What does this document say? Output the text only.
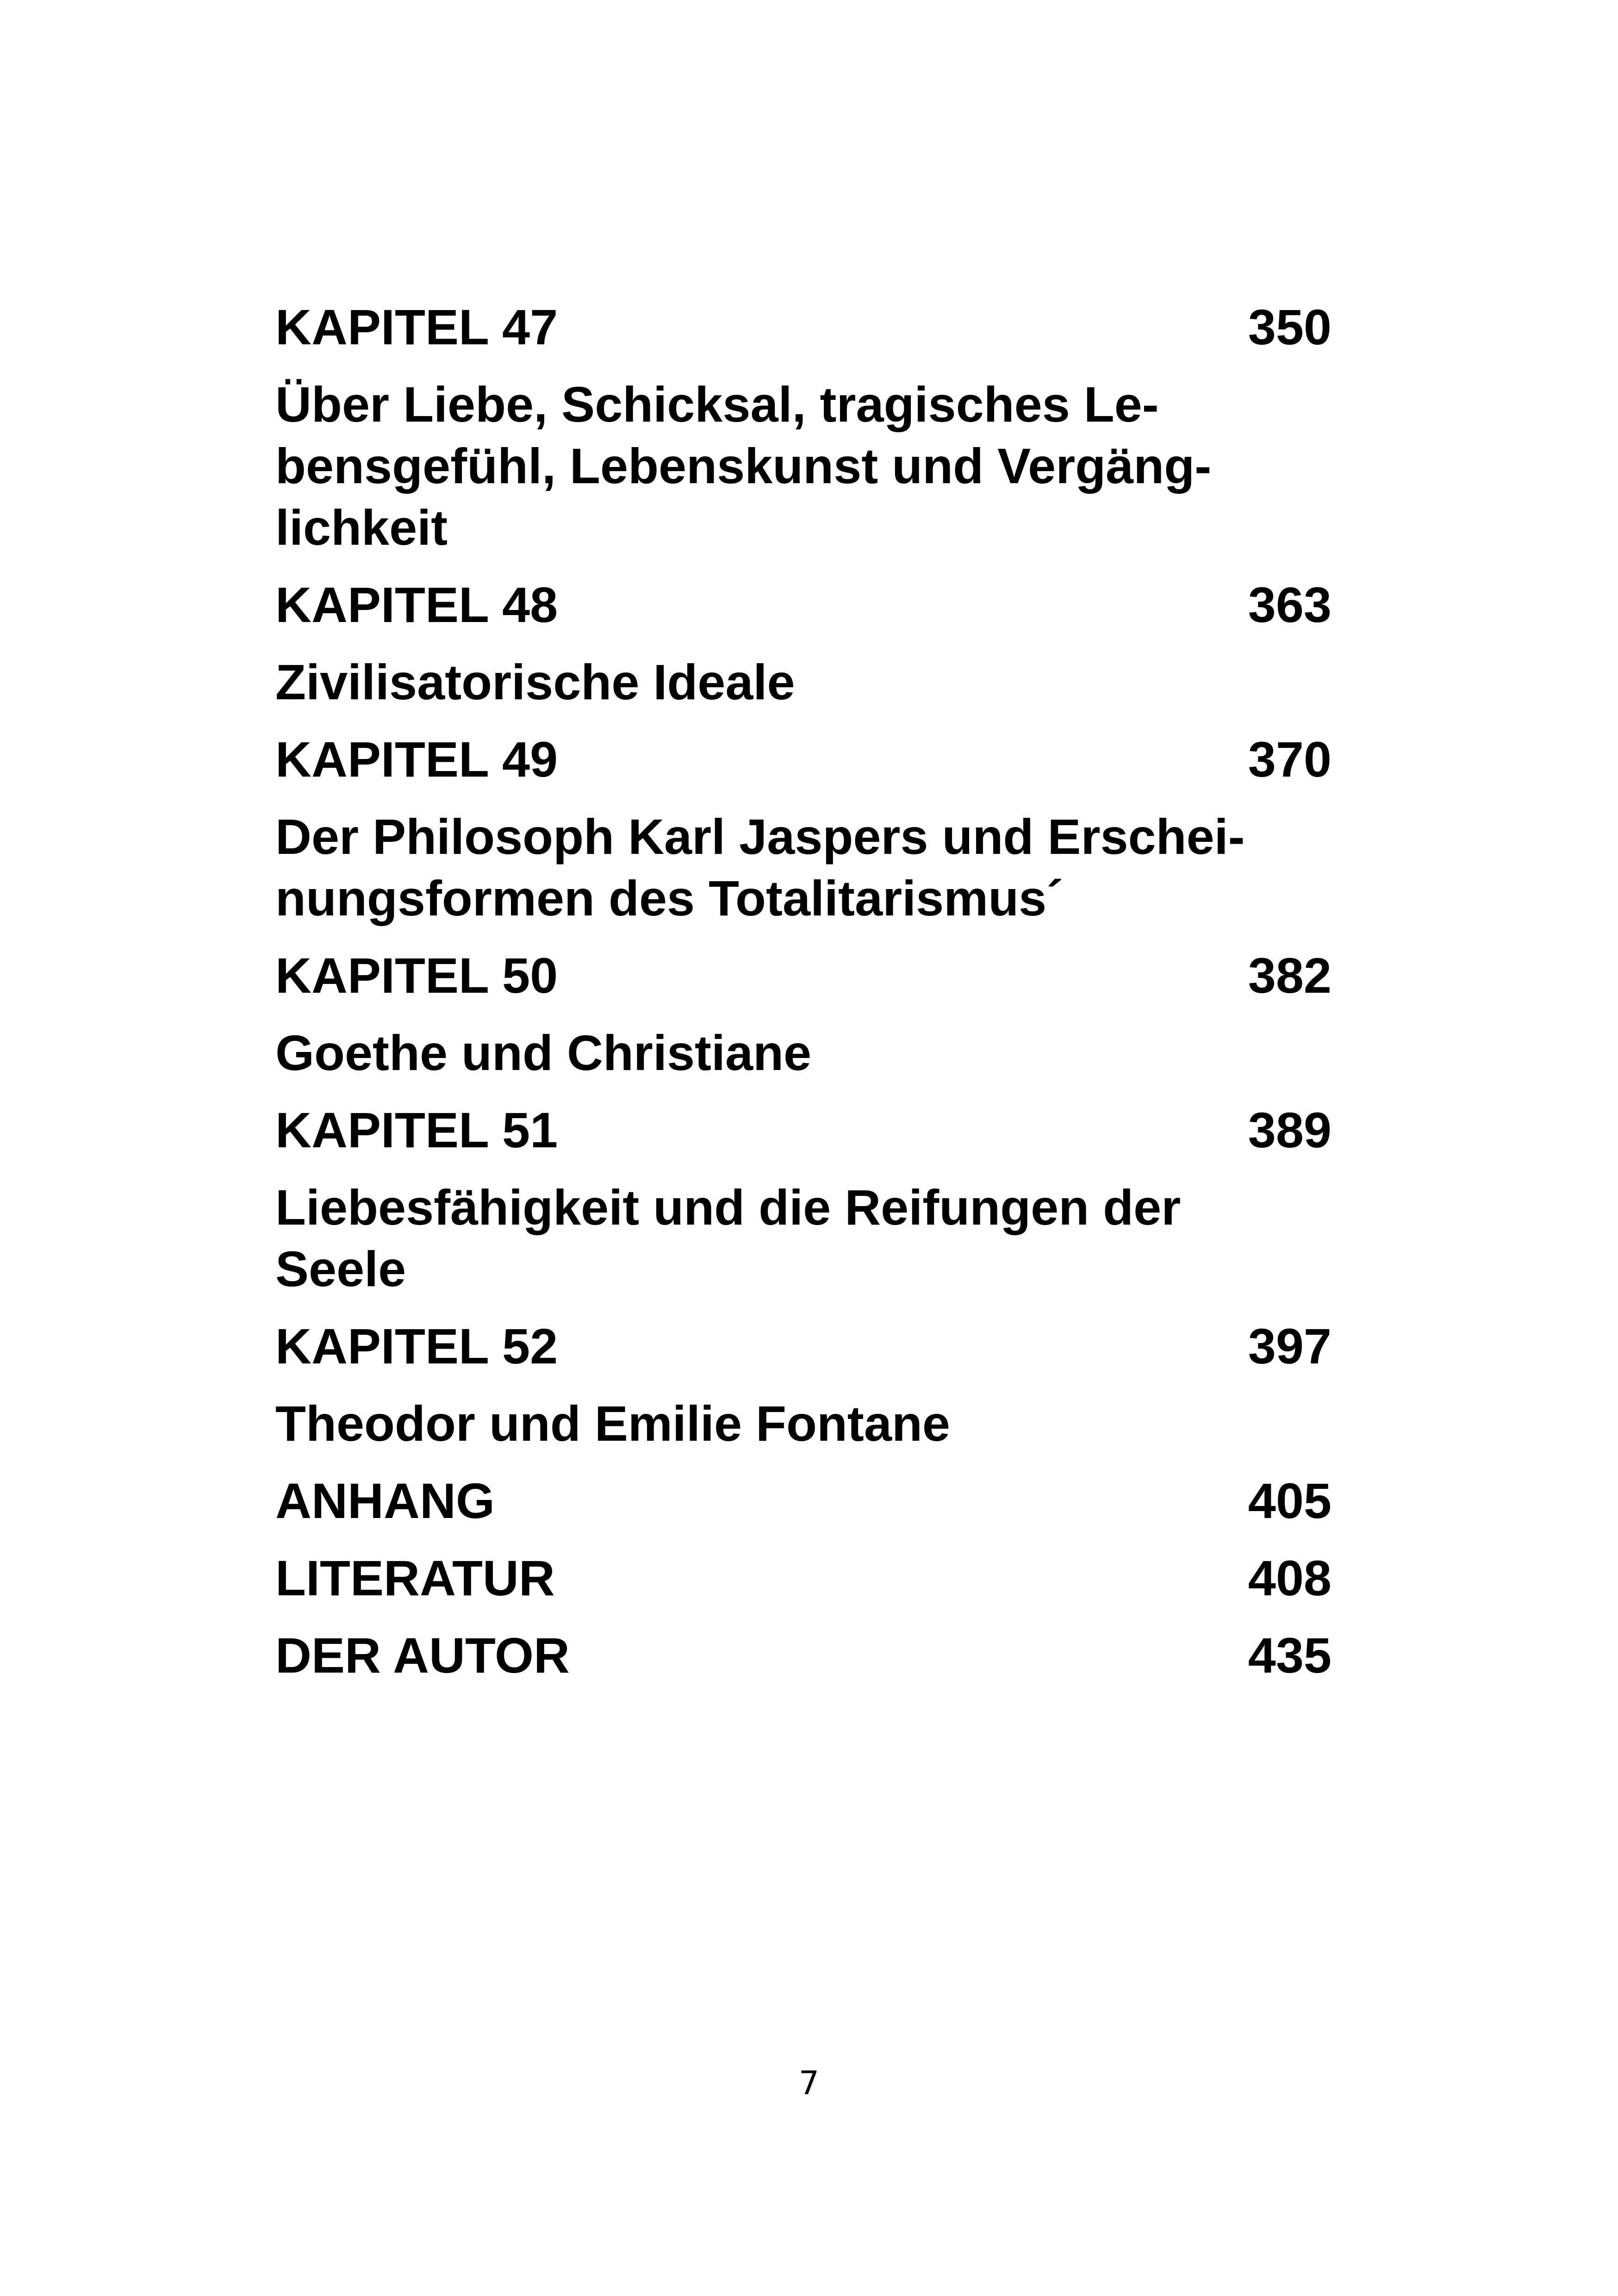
KAPITEL 47	350
Über Liebe, Schicksal, tragisches Le-
bensgefühl, Lebenskunst und Vergäng-
lichkeit
KAPITEL 48	363
Zivilisatorische Ideale
KAPITEL 49	370
Der Philosoph Karl Jaspers und Erschei-
nungsformen des Totalitarismus´
KAPITEL 50	382
Goethe und Christiane
KAPITEL 51	389
Liebesfähigkeit und die Reifungen der
Seele
KAPITEL 52	397
Theodor und Emilie Fontane
ANHANG	405
LITERATUR	408
DER AUTOR	435
7
